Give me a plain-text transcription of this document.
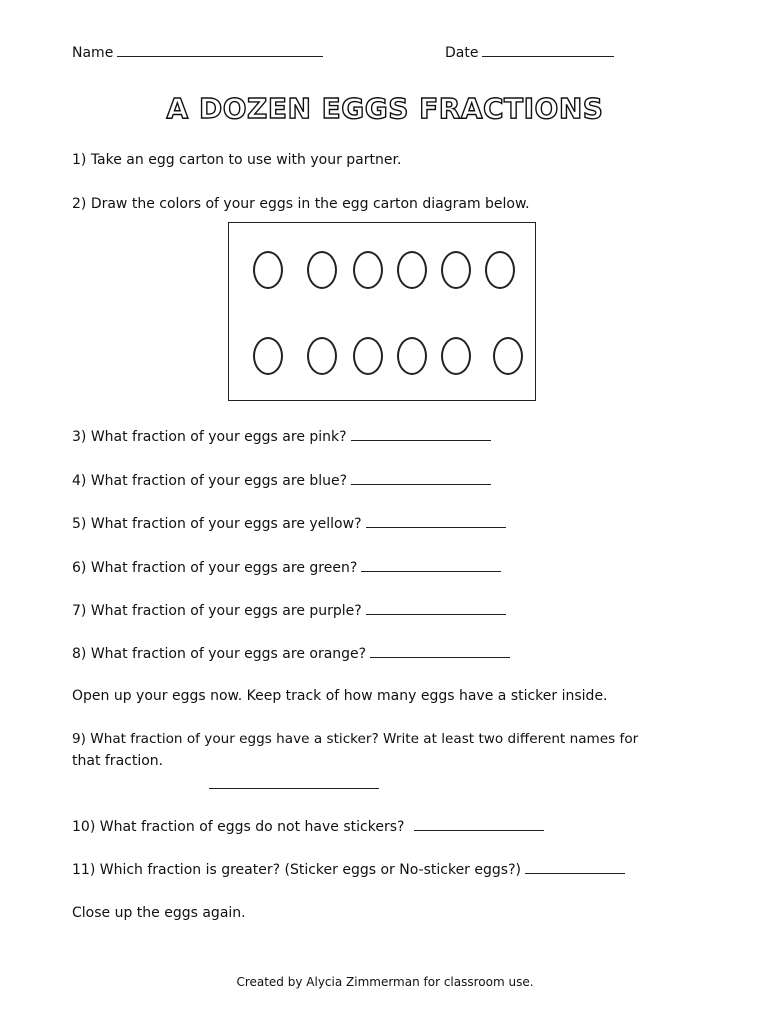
Name	Date
A DOZEN EGGS FRACTIONS
1) Take an egg carton to use with your partner.
2) Draw the colors of your eggs in the egg carton diagram below.
3) What fraction of your eggs are pink?
4) What fraction of your eggs are blue?
5) What fraction of your eggs are yellow?
6) What fraction of your eggs are green?
7) What fraction of your eggs are purple?
8) What fraction of your eggs are orange?
Open up your eggs now. Keep track of how many eggs have a sticker inside.
9) What fraction of your eggs have a sticker? Write at least two different names for
that fraction.
10) What fraction of eggs do not have stickers?
11) Which fraction is greater? (Sticker eggs or No-sticker eggs?)
Close up the eggs again.
Created by Alycia Zimmerman for classroom use.
